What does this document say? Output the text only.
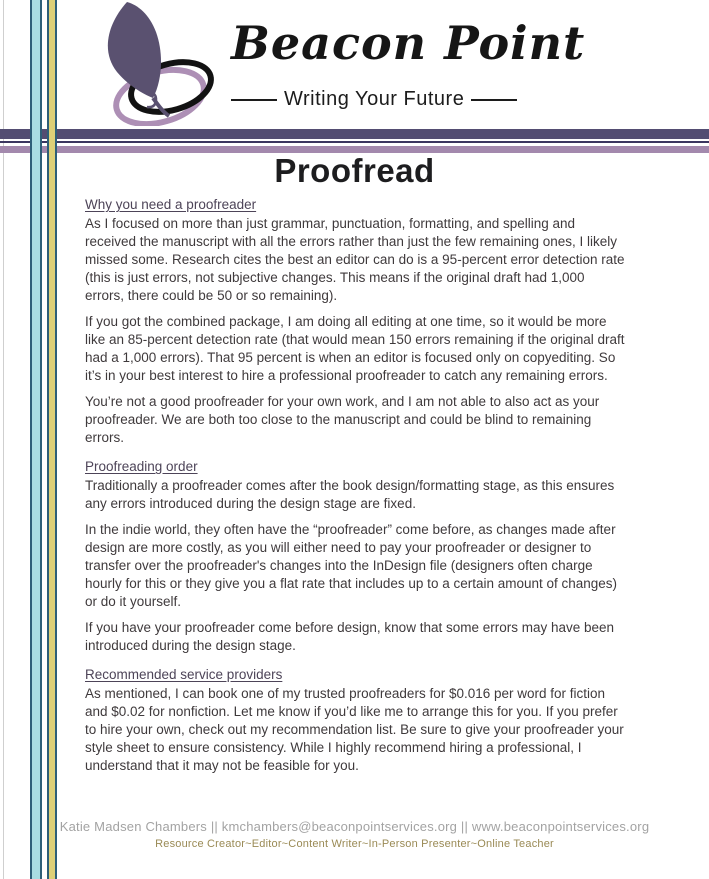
Beacon Point
Writing Your Future
Proofread
Why you need a proofreader

As I focused on more than just grammar, punctuation, formatting, and spelling and received the manuscript with all the errors rather than just the few remaining ones, I likely missed some. Research cites the best an editor can do is a 95-percent error detection rate (this is just errors, not subjective changes. This means if the original draft had 1,000 errors, there could be 50 or so remaining).

If you got the combined package, I am doing all editing at one time, so it would be more like an 85-percent detection rate (that would mean 150 errors remaining if the original draft had a 1,000 errors). That 95 percent is when an editor is focused only on copyediting. So it’s in your best interest to hire a professional proofreader to catch any remaining errors.

You’re not a good proofreader for your own work, and I am not able to also act as your proofreader. We are both too close to the manuscript and could be blind to remaining errors.

Proofreading order

Traditionally a proofreader comes after the book design/formatting stage, as this ensures any errors introduced during the design stage are fixed.

In the indie world, they often have the “proofreader” come before, as changes made after design are more costly, as you will either need to pay your proofreader or designer to transfer over the proofreader's changes into the InDesign file (designers often charge hourly for this or they give you a flat rate that includes up to a certain amount of changes) or do it yourself.

If you have your proofreader come before design, know that some errors may have been introduced during the design stage.

Recommended service providers

As mentioned, I can book one of my trusted proofreaders for $0.016 per word for fiction and $0.02 for nonfiction. Let me know if you’d like me to arrange this for you. If you prefer to hire your own, check out my recommendation list. Be sure to give your proofreader your style sheet to ensure consistency. While I highly recommend hiring a professional, I understand that it may not be feasible for you.

Katie Madsen Chambers || kmchambers@beaconpointservices.org || www.beaconpointservices.org
Resource Creator~Editor~Content Writer~In-Person Presenter~Online Teacher
